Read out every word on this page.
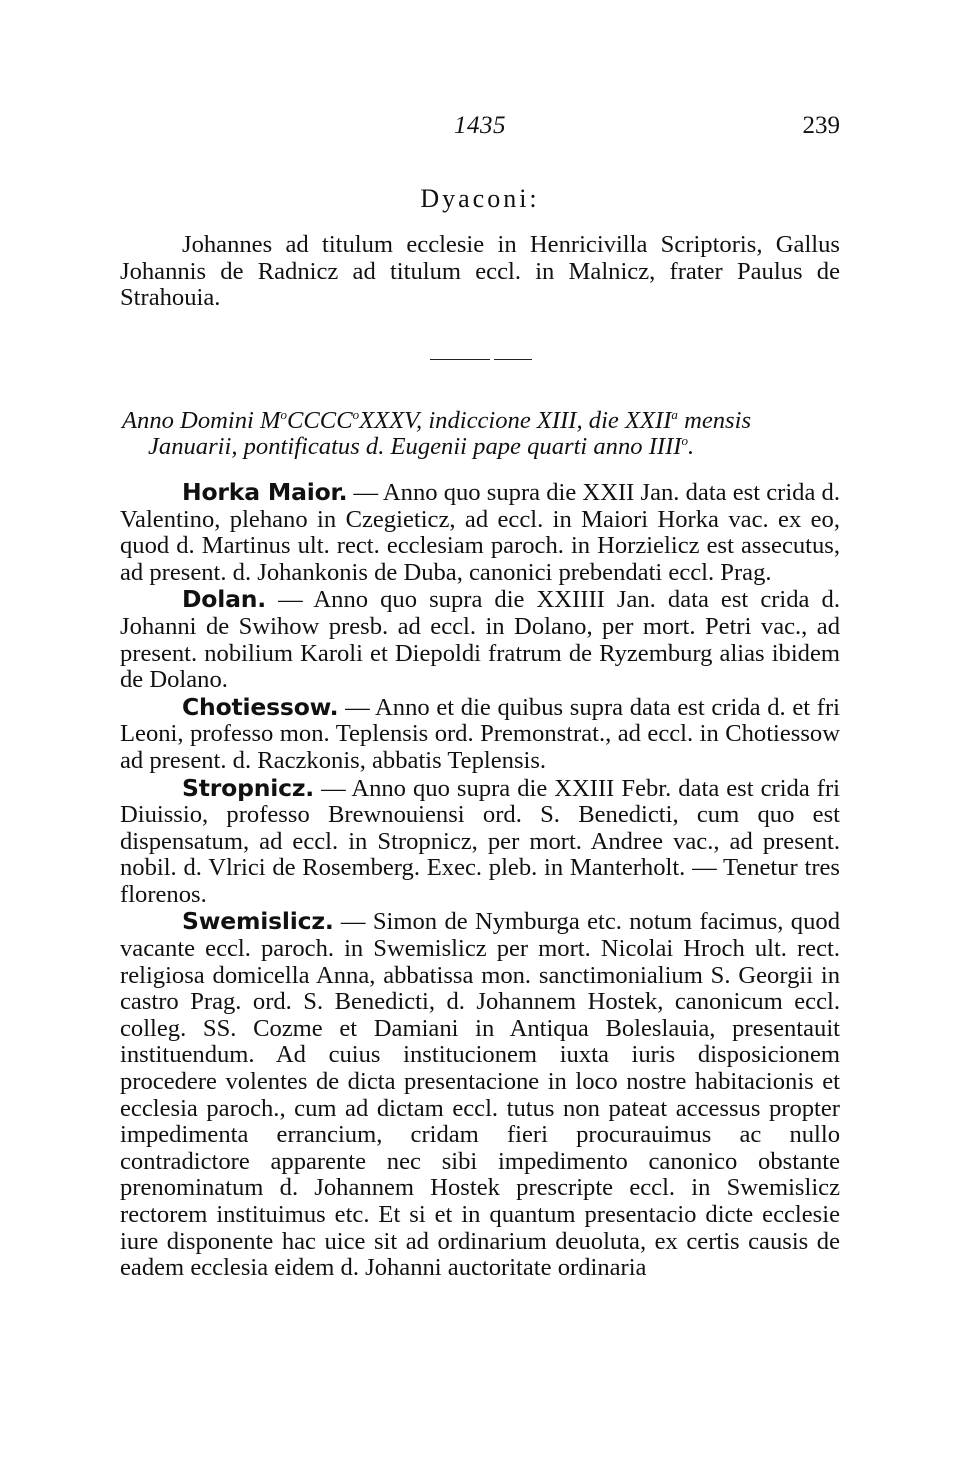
1435	239
Dyaconi:

Johannes ad titulum ecclesie in Henricivilla Scriptoris, Gallus Johannis de Radnicz ad titulum eccl. in Malnicz, frater Paulus de Strahouia.

Anno Domini $M^oCCCC^oXXXV$, indiccione XIII, die XXII$^a$ mensis
Januarii, pontificatus d. Eugenii pape quarti anno IIII$^o$.

Horka Maior. — Anno quo supra die XXII Jan. data est crida d. Valentino, plehano in Czegieticz, ad eccl. in Maiori Horka vac. ex eo, quod d. Martinus ult. rect. ecclesiam paroch. in Horzielicz est assecutus, ad present. d. Johankonis de Duba, canonici prebendati eccl. Prag.

Dolan. — Anno quo supra die XXIIII Jan. data est crida d. Johanni de Swihow presb. ad eccl. in Dolano, per mort. Petri vac., ad present. nobilium Karoli et Diepoldi fratrum de Ryzemburg alias ibidem de Dolano.

Chotiessow. — Anno et die quibus supra data est crida d. et fri Leoni, professo mon. Teplensis ord. Premonstrat., ad eccl. in Chotiessow ad present. d. Raczkonis, abbatis Teplensis.

Stropnicz. — Anno quo supra die XXIII Febr. data est crida fri Diuissio, professo Brewnouiensi ord. S. Benedicti, cum quo est dispensatum, ad eccl. in Stropnicz, per mort. Andree vac., ad present. nobil. d. Vlrici de Rosemberg. Exec. pleb. in Manterholt. — Tenetur tres florenos.

Swemislicz. — Simon de Nymburga etc. notum facimus, quod vacante eccl. paroch. in Swemislicz per mort. Nicolai Hroch ult. rect. religiosa domicella Anna, abbatissa mon. sanctimonialium S. Georgii in castro Prag. ord. S. Benedicti, d. Johannem Hostek, canonicum eccl. colleg. SS. Cozme et Damiani in Antiqua Boleslauia, presentauit instituendum. Ad cuius institucionem iuxta iuris disposicionem procedere volentes de dicta presentacione in loco nostre habitacionis et ecclesia paroch., cum ad dictam eccl. tutus non pateat accessus propter impedimenta errancium, cridam fieri procurauimus ac nullo contradictore apparente nec sibi impedimento canonico obstante prenominatum d. Johannem Hostek prescripte eccl. in Swemislicz rectorem instituimus etc. Et si et in quantum presentacio dicte ecclesie iure disponente hac uice sit ad ordinarium deuoluta, ex certis causis de eadem ecclesia eidem d. Johanni auctoritate ordinaria
